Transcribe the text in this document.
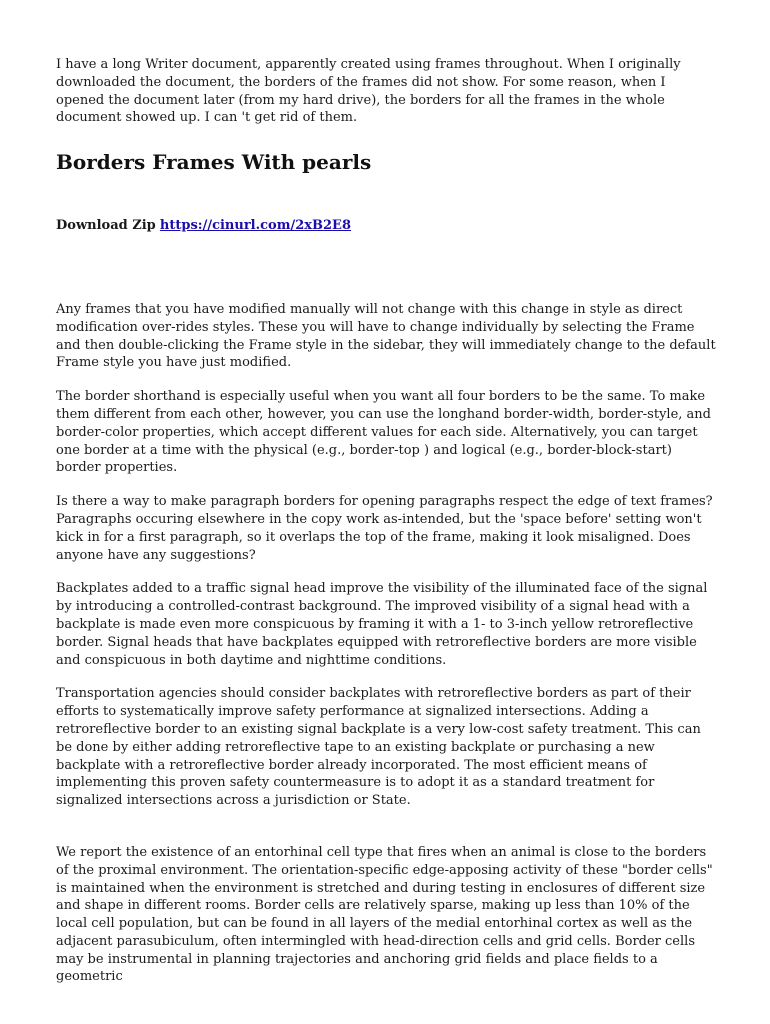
I have a long Writer document, apparently created using frames throughout. When I originally downloaded the document, the borders of the frames did not show. For some reason, when I opened the document later (from my hard drive), the borders for all the frames in the whole document showed up. I can 't get rid of them.

Borders Frames With pearls

Download Zip https://cinurl.com/2xB2E8

Any frames that you have modified manually will not change with this change in style as direct modification over-rides styles. These you will have to change individually by selecting the Frame and then double-clicking the Frame style in the sidebar, they will immediately change to the default Frame style you have just modified.

The border shorthand is especially useful when you want all four borders to be the same. To make them different from each other, however, you can use the longhand border-width, border-style, and border-color properties, which accept different values for each side. Alternatively, you can target one border at a time with the physical (e.g., border-top ) and logical (e.g., border-block-start) border properties.

Is there a way to make paragraph borders for opening paragraphs respect the edge of text frames? Paragraphs occuring elsewhere in the copy work as-intended, but the 'space before' setting won't kick in for a first paragraph, so it overlaps the top of the frame, making it look misaligned. Does anyone have any suggestions?

Backplates added to a traffic signal head improve the visibility of the illuminated face of the signal by introducing a controlled-contrast background. The improved visibility of a signal head with a backplate is made even more conspicuous by framing it with a 1- to 3-inch yellow retroreflective border. Signal heads that have backplates equipped with retroreflective borders are more visible and conspicuous in both daytime and nighttime conditions.

Transportation agencies should consider backplates with retroreflective borders as part of their efforts to systematically improve safety performance at signalized intersections. Adding a retroreflective border to an existing signal backplate is a very low-cost safety treatment. This can be done by either adding retroreflective tape to an existing backplate or purchasing a new backplate with a retroreflective border already incorporated. The most efficient means of implementing this proven safety countermeasure is to adopt it as a standard treatment for signalized intersections across a jurisdiction or State.

We report the existence of an entorhinal cell type that fires when an animal is close to the borders of the proximal environment. The orientation-specific edge-apposing activity of these "border cells" is maintained when the environment is stretched and during testing in enclosures of different size and shape in different rooms. Border cells are relatively sparse, making up less than 10% of the local cell population, but can be found in all layers of the medial entorhinal cortex as well as the adjacent parasubiculum, often intermingled with head-direction cells and grid cells. Border cells may be instrumental in planning trajectories and anchoring grid fields and place fields to a geometric
